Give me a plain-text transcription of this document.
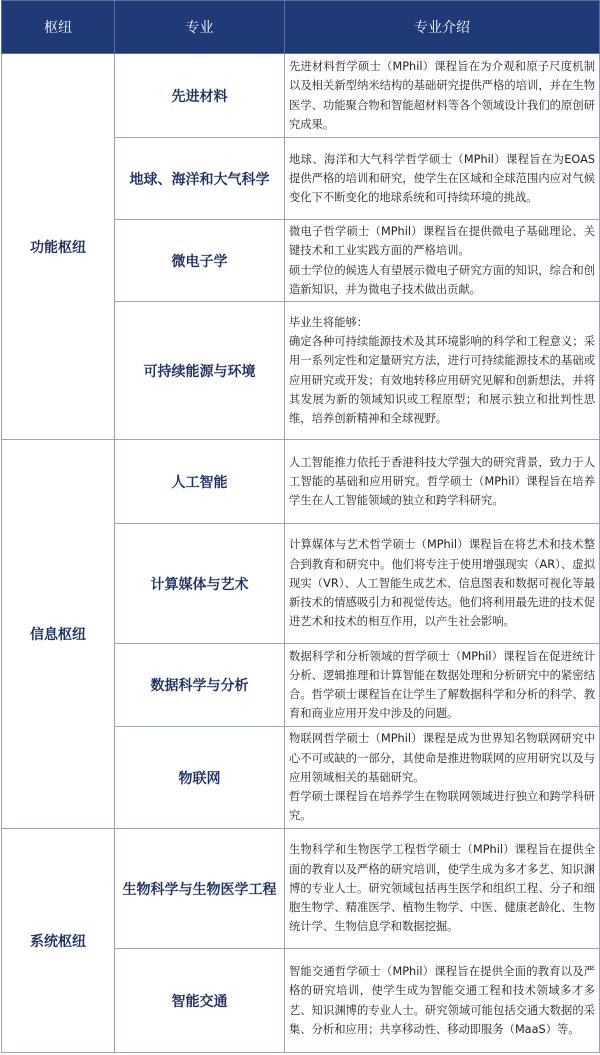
枢纽	专业	专业介绍
功能枢纽	先进材料	先进材料哲学硕士（MPhil）课程旨在为介观和原子尺度机制以及相关新型纳米结构的基础研究提供严格的培训，并在生物医学、功能聚合物和智能超材料等各个领域设计我们的原创研究成果。
	地球、海洋和大气科学	地球、海洋和大气科学哲学硕士（MPhil）课程旨在为EOAS提供严格的培训和研究，使学生在区域和全球范围内应对气候变化下不断变化的地球系统和可持续环境的挑战。
	微电子学	微电子哲学硕士（MPhil）课程旨在提供微电子基础理论、关键技术和工业实践方面的严格培训。
硕士学位的候选人有望展示微电子研究方面的知识，综合和创造新知识，并为微电子技术做出贡献。
	可持续能源与环境	毕业生将能够：
确定各种可持续能源技术及其环境影响的科学和工程意义；采用一系列定性和定量研究方法，进行可持续能源技术的基础或应用研究或开发；有效地转移应用研究见解和创新想法，并将其发展为新的领域知识或工程原型；和展示独立和批判性思维，培养创新精神和全球视野。
信息枢纽	人工智能	人工智能推力依托于香港科技大学强大的研究背景，致力于人工智能的基础和应用研究。哲学硕士（MPhil）课程旨在培养学生在人工智能领域的独立和跨学科研究。
	计算媒体与艺术	计算媒体与艺术哲学硕士（MPhil）课程旨在将艺术和技术整合到教育和研究中。他们将专注于使用增强现实（AR）、虚拟现实（VR）、人工智能生成艺术、信息图表和数据可视化等最新技术的情感吸引力和视觉传达。他们将利用最先进的技术促进艺术和技术的相互作用，以产生社会影响。
	数据科学与分析	数据科学和分析领域的哲学硕士（MPhil）课程旨在促进统计分析、逻辑推理和计算智能在数据处理和分析研究中的紧密结合。哲学硕士课程旨在让学生了解数据科学和分析的科学、教育和商业应用开发中涉及的问题。
	物联网	物联网哲学硕士（MPhil）课程是成为世界知名物联网研究中心不可或缺的一部分，其使命是推进物联网的应用研究以及与应用领域相关的基础研究。
哲学硕士课程旨在培养学生在物联网领域进行独立和跨学科研究。
系统枢纽	生物科学与生物医学工程	生物科学和生物医学工程哲学硕士（MPhil）课程旨在提供全面的教育以及严格的研究培训，使学生成为多才多艺、知识渊博的专业人士。研究领域包括再生医学和组织工程、分子和细胞生物学、精准医学、植物生物学、中医、健康老龄化、生物统计学、生物信息学和数据挖掘。
	智能交通	智能交通哲学硕士（MPhil）课程旨在提供全面的教育以及严格的研究培训，使学生成为智能交通工程和技术领域多才多艺、知识渊博的专业人士。研究领域可能包括交通大数据的采集、分析和应用；共享移动性、移动即服务（MaaS）等。
